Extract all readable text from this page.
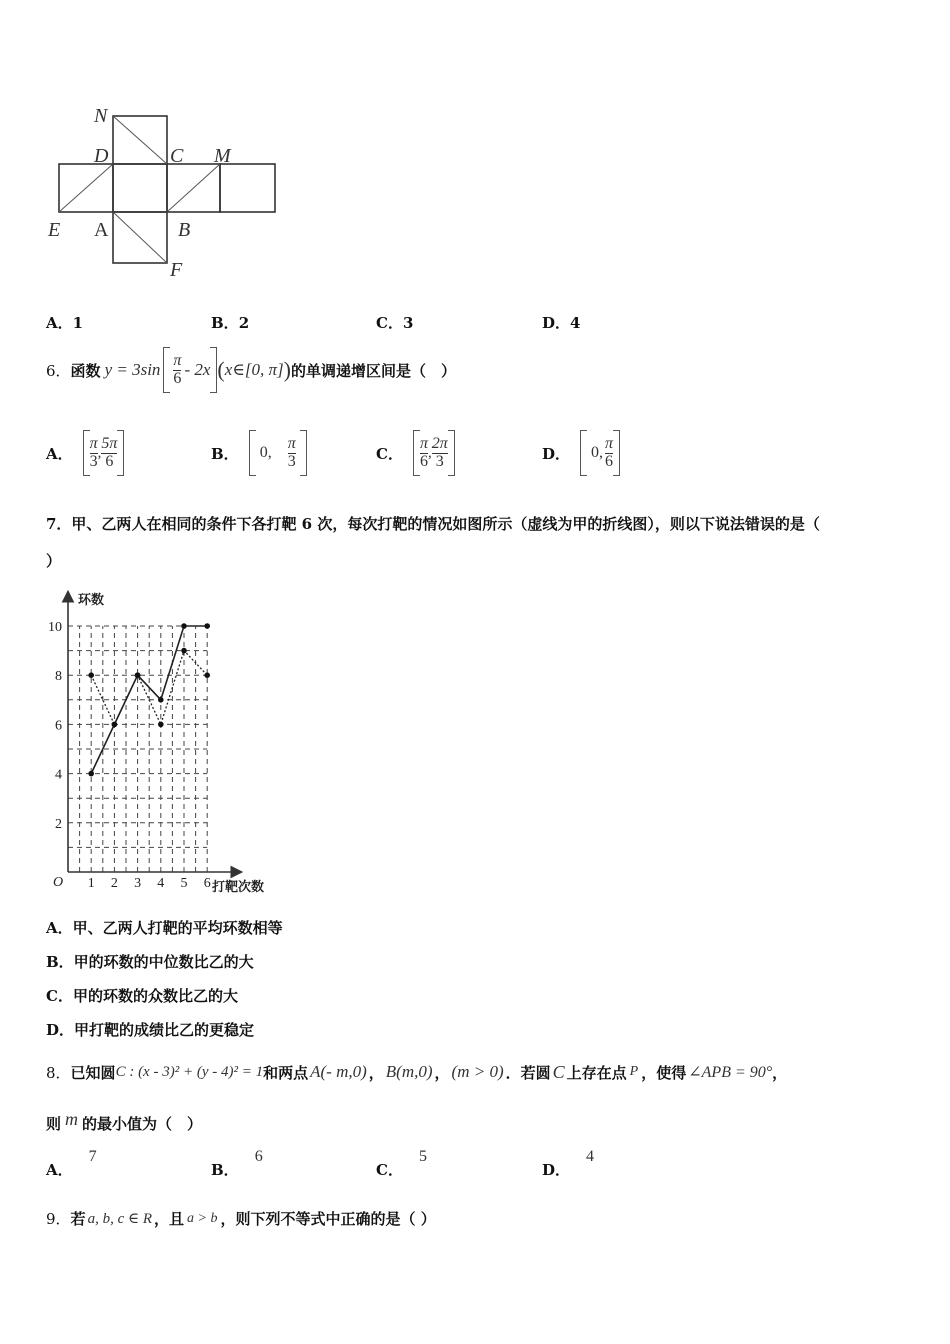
N
D	C M
E A	B
F
A．1	B．2	C．3	D．4
6． 函数 $y = 3\sin \frac{\pi}{6} - 2x$ ( x∈[0, π] ) 的单调递增区间是（　）
A． $\frac{\pi}{3}$ , $\frac{5\pi}{6}$	B． 0, $\frac{\pi}{3}$	C． $\frac{\pi}{6}$ , $\frac{2\pi}{3}$	D． 0, $\frac{\pi}{6}$
7．甲、乙两人在相同的条件下各打靶 6 次，每次打靶的情况如图所示（虚线为甲的折线图），则以下说法错误的是（
）
环数
打靶次数
O
2
4
6
8
10
1 2 3 4 5 6
A．甲、乙两人打靶的平均环数相等
B．甲的环数的中位数比乙的大
C．甲的环数的众数比乙的大
D．甲打靶的成绩比乙的更稳定
8． 已知圆 C : (x - 3)² + (y - 4)² = 1 和两点 A(- m,0) ， B(m,0) ， (m > 0) ．若圆 C 上存在点 P ，使得 ∠APB = 90° ，
则 m 的最小值为（　）
A．
7
B．
6
C．
5
D．
4
9． 若 a, b, c ∈ R ，且 a > b ，则下列不等式中正确的是（ ）
